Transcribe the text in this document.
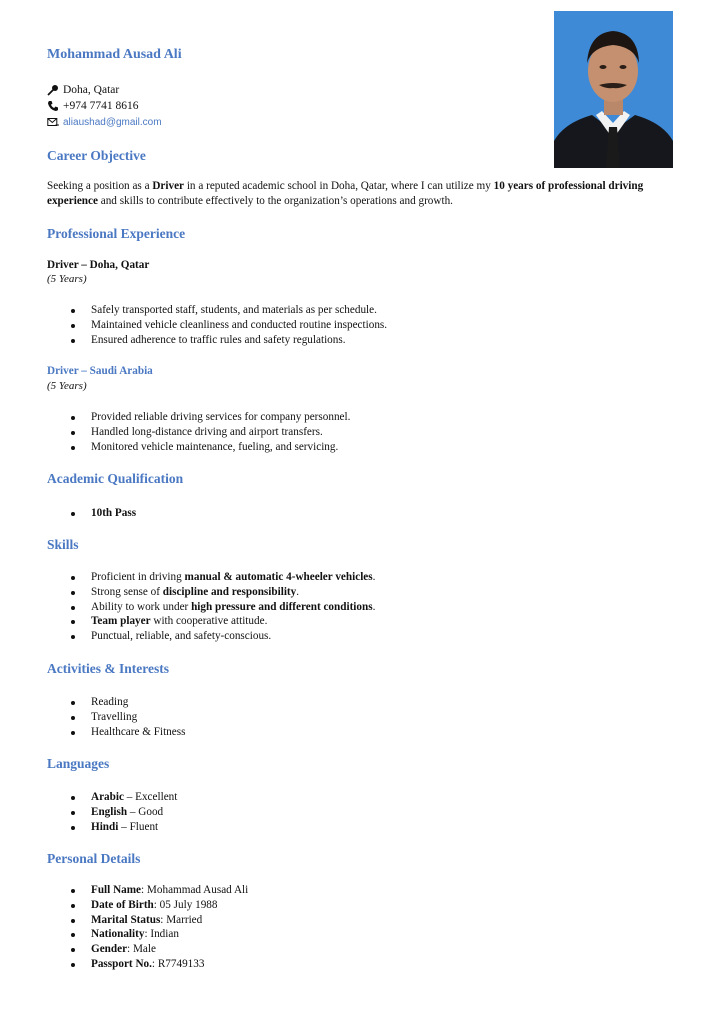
Mohammad Ausad Ali
Doha, Qatar
+974 7741 8616
aliaushad@gmail.com
Career Objective
Seeking a position as a Driver in a reputed academic school in Doha, Qatar, where I can utilize my 10 years of professional driving experience and skills to contribute effectively to the organization’s operations and growth.
Professional Experience
Driver – Doha, Qatar
(5 Years)
Safely transported staff, students, and materials as per schedule.
Maintained vehicle cleanliness and conducted routine inspections.
Ensured adherence to traffic rules and safety regulations.
Driver – Saudi Arabia
(5 Years)
Provided reliable driving services for company personnel.
Handled long-distance driving and airport transfers.
Monitored vehicle maintenance, fueling, and servicing.
Academic Qualification
10th Pass
Skills
Proficient in driving manual & automatic 4-wheeler vehicles.
Strong sense of discipline and responsibility.
Ability to work under high pressure and different conditions.
Team player with cooperative attitude.
Punctual, reliable, and safety-conscious.
Activities & Interests
Reading
Travelling
Healthcare & Fitness
Languages
Arabic – Excellent
English – Good
Hindi – Fluent
Personal Details
Full Name: Mohammad Ausad Ali
Date of Birth: 05 July 1988
Marital Status: Married
Nationality: Indian
Gender: Male
Passport No.: R7749133
